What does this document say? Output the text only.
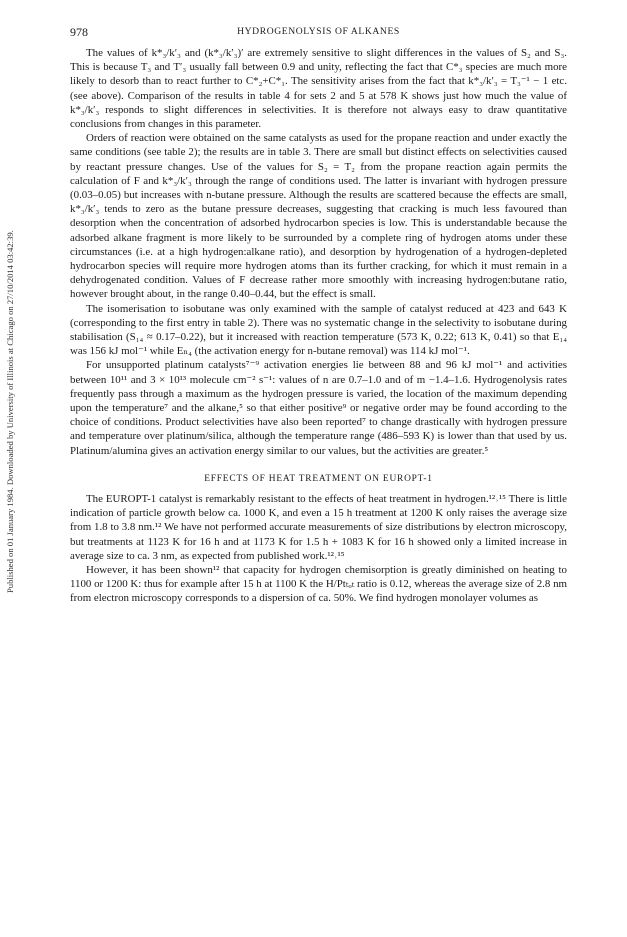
Published on 01 January 1984. Downloaded by University of Illinois at Chicago on 27/10/2014 03:42:39.
978	HYDROGENOLYSIS OF ALKANES

The values of k*₃/k′₃ and (k*₃/k′₃)′ are extremely sensitive to slight differences in the values of S₂ and S₃. This is because T₃ and T′₃ usually fall between 0.9 and unity, reflecting the fact that C*₃ species are much more likely to desorb than to react further to C*₂+C*₁. The sensitivity arises from the fact that k*₃/k′₃ = T₃⁻¹ − 1 etc. (see above). Comparison of the results in table 4 for sets 2 and 5 at 578 K shows just how much the value of k*₃/k′₃ responds to slight differences in selectivities. It is therefore not always easy to draw quantitative conclusions from changes in this parameter.

Orders of reaction were obtained on the same catalysts as used for the propane reaction and under exactly the same conditions (see table 2); the results are in table 3. There are small but distinct effects on selectivities caused by reactant pressure changes. Use of the values for S₂ = T₂ from the propane reaction again permits the calculation of F and k*₃/k′₃ through the range of conditions used. The latter is invariant with hydrogen pressure (0.03–0.05) but increases with n-butane pressure. Although the results are scattered because the effects are small, k*₃/k′₃ tends to zero as the butane pressure decreases, suggesting that cracking is much less favoured than desorption when the concentration of adsorbed hydrocarbon species is low. This is understandable because the adsorbed alkane fragment is more likely to be surrounded by a complete ring of hydrogen atoms under these circumstances (i.e. at a high hydrogen:alkane ratio), and desorption by hydrogenation of a hydrogen-depleted hydrocarbon species will require more hydrogen atoms than its further cracking, for which it must remain in a dehydrogenated condition. Values of F decrease rather more smoothly with increasing hydrogen:butane ratio, however brought about, in the range 0.40–0.44, but the effect is small.

The isomerisation to isobutane was only examined with the sample of catalyst reduced at 423 and 643 K (corresponding to the first entry in table 2). There was no systematic change in the selectivity to isobutane during stabilisation (S₁₄ ≈ 0.17–0.22), but it increased with reaction temperature (573 K, 0.22; 613 K, 0.41) so that E₁₄ was 156 kJ mol⁻¹ while Eₙ₄ (the activation energy for n-butane removal) was 114 kJ mol⁻¹.

For unsupported platinum catalysts⁷⁻⁹ activation energies lie between 88 and 96 kJ mol⁻¹ and activities between 10¹¹ and 3 × 10¹³ molecule cm⁻² s⁻¹: values of n are 0.7–1.0 and of m −1.4–1.6. Hydrogenolysis rates frequently pass through a maximum as the hydrogen pressure is varied, the location of the maximum depending upon the temperature⁷ and the alkane,⁵ so that either positive⁹ or negative order may be found according to the choice of conditions. Product selectivities have also been reported⁷ to change drastically with hydrogen pressure and temperature over platinum/silica, although the temperature range (486–593 K) is lower than that used by us. Platinum/alumina gives an activation energy similar to our values, but the activities are greater.⁵

EFFECTS OF HEAT TREATMENT ON EUROPT-1

The EUROPT-1 catalyst is remarkably resistant to the effects of heat treatment in hydrogen.¹²˒¹⁵ There is little indication of particle growth below ca. 1000 K, and even a 15 h treatment at 1200 K only raises the average size from 1.8 to 3.8 nm.¹² We have not performed accurate measurements of size distributions by electron microscopy, but treatments at 1123 K for 16 h and at 1173 K for 1.5 h + 1083 K for 16 h showed only a limited increase in average size to ca. 3 nm, as expected from published work.¹²˒¹⁵

However, it has been shown¹² that capacity for hydrogen chemisorption is greatly diminished on heating to 1100 or 1200 K: thus for example after 15 h at 1100 K the H/Ptₜₒₜ ratio is 0.12, whereas the average size of 2.8 nm from electron microscopy corresponds to a dispersion of ca. 50%. We find hydrogen monolayer volumes as
